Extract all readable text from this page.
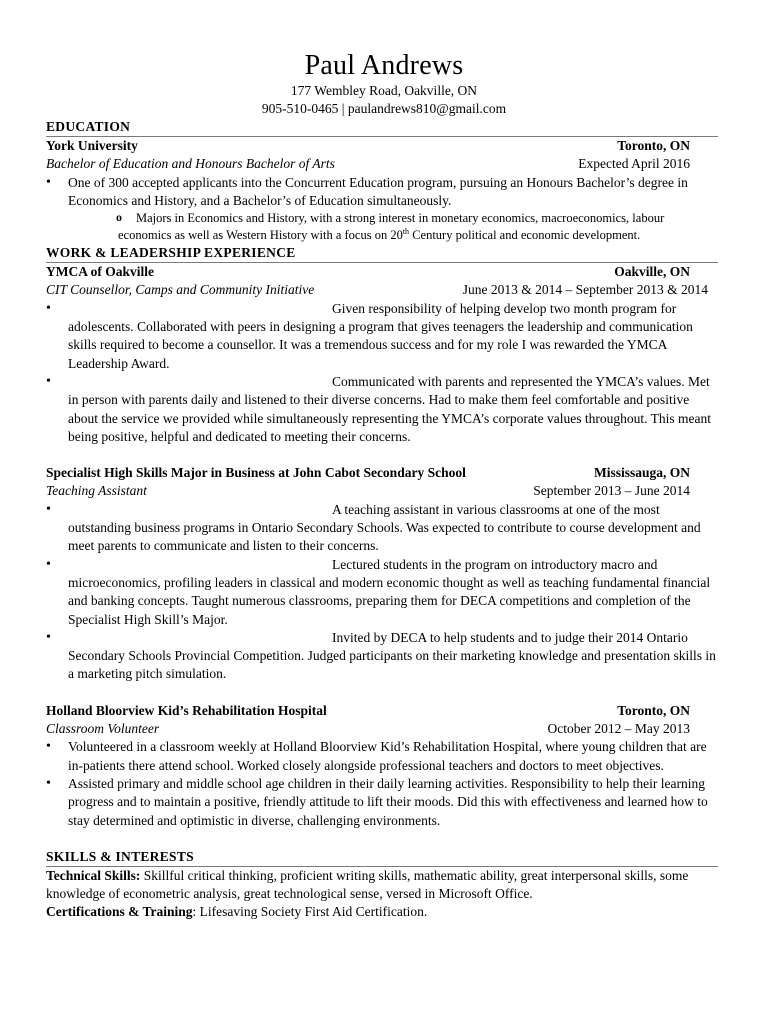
Paul Andrews
177 Wembley Road, Oakville, ON
905-510-0465 | paulandrews810@gmail.com
EDUCATION
York University	Toronto, ON
Bachelor of Education and Honours Bachelor of Arts	Expected April 2016
• One of 300 accepted applicants into the Concurrent Education program, pursuing an Honours Bachelor’s degree in Economics and History, and a Bachelor’s of Education simultaneously.
o Majors in Economics and History, with a strong interest in monetary economics, macroeconomics, labour
economics as well as Western History with a focus on 20th Century political and economic development.
WORK & LEADERSHIP EXPERIENCE
YMCA of Oakville	Oakville, ON
CIT Counsellor, Camps and Community Initiative	June 2013 & 2014 – September 2013 & 2014
• Given responsibility of helping develop two month program for adolescents. Collaborated with peers in designing a program that gives teenagers the leadership and communication skills required to become a counsellor. It was a tremendous success and for my role I was rewarded the YMCA Leadership Award.
• Communicated with parents and represented the YMCA’s values. Met in person with parents daily and listened to their diverse concerns. Had to make them feel comfortable and positive about the service we provided while simultaneously representing the YMCA’s corporate values throughout. This meant being positive, helpful and dedicated to meeting their concerns.
Specialist High Skills Major in Business at John Cabot Secondary School	Mississauga, ON
Teaching Assistant	September 2013 – June 2014
• A teaching assistant in various classrooms at one of the most outstanding business programs in Ontario Secondary Schools. Was expected to contribute to course development and meet parents to communicate and listen to their concerns.
• Lectured students in the program on introductory macro and microeconomics, profiling leaders in classical and modern economic thought as well as teaching fundamental financial and banking concepts. Taught numerous classrooms, preparing them for DECA competitions and completion of the Specialist High Skill’s Major.
• Invited by DECA to help students and to judge their 2014 Ontario Secondary Schools Provincial Competition. Judged participants on their marketing knowledge and presentation skills in a marketing pitch simulation.
Holland Bloorview Kid’s Rehabilitation Hospital	Toronto, ON
Classroom Volunteer	October 2012 – May 2013
• Volunteered in a classroom weekly at Holland Bloorview Kid’s Rehabilitation Hospital, where young children that are in-patients there attend school. Worked closely alongside professional teachers and doctors to meet objectives.
• Assisted primary and middle school age children in their daily learning activities. Responsibility to help their learning progress and to maintain a positive, friendly attitude to lift their moods. Did this with effectiveness and learned how to stay determined and optimistic in diverse, challenging environments.
SKILLS & INTERESTS
Technical Skills: Skillful critical thinking, proficient writing skills, mathematic ability, great interpersonal skills, some knowledge of econometric analysis, great technological sense, versed in Microsoft Office.
Certifications & Training: Lifesaving Society First Aid Certification.
